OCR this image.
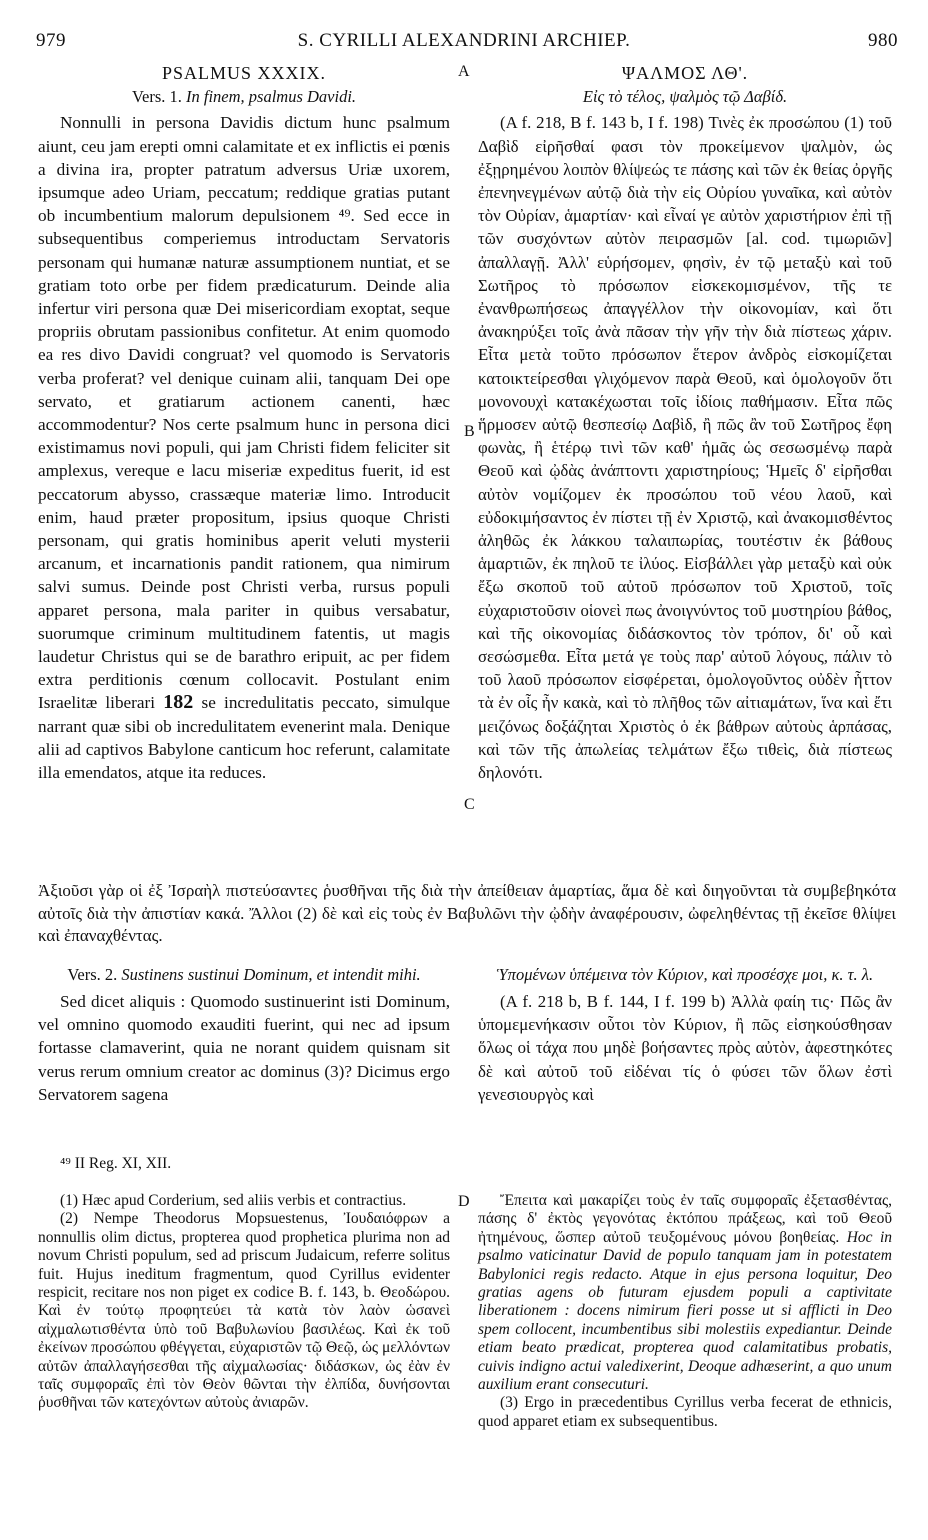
979	S. CYRILLI ALEXANDRINI ARCHIEP.	980
A
B
C
D
PSALMUS XXXIX.
Vers. 1. In finem, psalmus Davidi.

Nonnulli in persona Davidis dictum hunc psalmum aiunt, ceu jam erepti omni calamitate et ex inflictis ei pœnis a divina ira, propter patratum adversus Uriæ uxorem, ipsumque adeo Uriam, peccatum; reddique gratias putant ob incumbentium malorum depulsionem ⁴⁹. Sed ecce in subsequentibus comperiemus introductam Servatoris personam qui humanæ naturæ assumptionem nuntiat, et se gratiam toto orbe per fidem prædicaturum. Deinde alia infertur viri persona quæ Dei misericordiam exoptat, seque propriis obrutam passionibus confitetur. At enim quomodo ea res divo Davidi congruat? vel quomodo is Servatoris verba proferat? vel denique cuinam alii, tanquam Dei ope servato, et gratiarum actionem canenti, hæc accommodentur? Nos certe psalmum hunc in persona dici existimamus novi populi, qui jam Christi fidem feliciter sit amplexus, vereque e lacu miseriæ expeditus fuerit, id est peccatorum abysso, crassæque materiæ limo. Introducit enim, haud præter propositum, ipsius quoque Christi personam, qui gratis hominibus aperit veluti mysterii arcanum, et incarnationis pandit rationem, qua nimirum salvi sumus. Deinde post Christi verba, rursus populi apparet persona, mala pariter in quibus versabatur, suorumque criminum multitudinem fatentis, ut magis laudetur Christus qui se de barathro eripuit, ac per fidem extra perditionis cœnum collocavit. Postulant enim Israelitæ liberari 182 se incredulitatis peccato, simulque narrant quæ sibi ob incredulitatem evenerint mala. Denique alii ad captivos Babylone canticum hoc referunt, calamitate illa emendatos, atque ita reduces.

ΨΑΛΜΟΣ ΛΘ'.
Εἰς τὸ τέλος, ψαλμὸς τῷ Δαβίδ.

(A f. 218, B f. 143 b, I f. 198) Τινὲς ἐκ προσώπου (1) τοῦ Δαβὶδ εἰρῆσθαί φασι τὸν προκείμενον ψαλμὸν, ὡς ἐξῃρημένου λοιπὸν θλίψεώς τε πάσης καὶ τῶν ἐκ θείας ὀργῆς ἐπενηνεγμένων αὐτῷ διὰ τὴν εἰς Οὐρίου γυναῖκα, καὶ αὐτὸν τὸν Οὐρίαν, ἁμαρτίαν· καὶ εἶναί γε αὐτὸν χαριστήριον ἐπὶ τῇ τῶν συσχόντων αὐτὸν πειρασμῶν [al. cod. τιμωριῶν] ἀπαλλαγῇ. Ἀλλ' εὑρήσομεν, φησὶν, ἐν τῷ μεταξὺ καὶ τοῦ Σωτῆρος τὸ πρόσωπον εἰσκεκομισμένον, τῆς τε ἐνανθρωπήσεως ἀπαγγέλλον τὴν οἰκονομίαν, καὶ ὅτι ἀνακηρύξει τοῖς ἀνὰ πᾶσαν τὴν γῆν τὴν διὰ πίστεως χάριν. Εἶτα μετὰ τοῦτο πρόσωπον ἕτερον ἀνδρὸς εἰσκομίζεται κατοικτείρεσθαι γλιχόμενον παρὰ Θεοῦ, καὶ ὁμολογοῦν ὅτι μονονουχὶ κατακέχωσται τοῖς ἰδίοις παθήμασιν. Εἶτα πῶς ἥρμοσεν αὐτῷ θεσπεσίῳ Δαβὶδ, ἢ πῶς ἂν τοῦ Σωτῆρος ἔφη φωνὰς, ἢ ἑτέρῳ τινὶ τῶν καθ' ἡμᾶς ὡς σεσωσμένῳ παρὰ Θεοῦ καὶ ᾠδὰς ἀνάπτοντι χαριστηρίους; Ἡμεῖς δ' εἰρῆσθαι αὐτὸν νομίζομεν ἐκ προσώπου τοῦ νέου λαοῦ, καὶ εὐδοκιμήσαντος ἐν πίστει τῇ ἐν Χριστῷ, καὶ ἀνακομισθέντος ἀληθῶς ἐκ λάκκου ταλαιπωρίας, τουτέστιν ἐκ βάθους ἁμαρτιῶν, ἐκ πηλοῦ τε ἰλύος. Εἰσβάλλει γὰρ μεταξὺ καὶ οὐκ ἔξω σκοποῦ τοῦ αὐτοῦ πρόσωπον τοῦ Χριστοῦ, τοῖς εὐχαριστοῦσιν οἱονεὶ πως ἀνοιγνύντος τοῦ μυστηρίου βάθος, καὶ τῆς οἰκονομίας διδάσκοντος τὸν τρόπον, δι' οὗ καὶ σεσώσμεθα. Εἶτα μετά γε τοὺς παρ' αὐτοῦ λόγους, πάλιν τὸ τοῦ λαοῦ πρόσωπον εἰσφέρεται, ὁμολογοῦντος οὐδὲν ἧττον τὰ ἐν οἷς ἦν κακὰ, καὶ τὸ πλῆθος τῶν αἰτιαμάτων, ἵνα καὶ ἔτι μειζόνως δοξάζηται Χριστὸς ὁ ἐκ βάθρων αὐτοὺς ἁρπάσας, καὶ τῶν τῆς ἀπωλείας τελμάτων ἔξω τιθεὶς, διὰ πίστεως δηλονότι.

Ἀξιοῦσι γὰρ οἱ ἐξ Ἰσραὴλ πιστεύσαντες ῥυσθῆναι τῆς διὰ τὴν ἀπείθειαν ἁμαρτίας, ἅμα δὲ καὶ διηγοῦνται τὰ συμβεβηκότα αὐτοῖς διὰ τὴν ἀπιστίαν κακά. Ἄλλοι (2) δὲ καὶ εἰς τοὺς ἐν Βαβυλῶνι τὴν ᾠδὴν ἀναφέρουσιν, ὠφεληθέντας τῇ ἐκεῖσε θλίψει καὶ ἐπαναχθέντας.
Vers. 2. Sustinens sustinui Dominum, et intendit mihi.

Sed dicet aliquis : Quomodo sustinuerint isti Dominum, vel omnino quomodo exauditi fuerint, qui nec ad ipsum fortasse clamaverint, quia ne norant quidem quisnam sit verus rerum omnium creator ac dominus (3)? Dicimus ergo Servatorem sagena

Ὑπομένων ὑπέμεινα τὸν Κύριον, καὶ προσέσχε μοι, κ. τ. λ.

(A f. 218 b, B f. 144, I f. 199 b) Ἀλλὰ φαίη τις· Πῶς ἂν ὑπομεμενήκασιν οὗτοι τὸν Κύριον, ἢ πῶς εἰσηκούσθησαν ὅλως οἱ τάχα που μηδὲ βοήσαντες πρὸς αὐτὸν, ἀφεστηκότες δὲ καὶ αὐτοῦ τοῦ εἰδέναι τίς ὁ φύσει τῶν ὅλων ἐστὶ γενεσιουργὸς καὶ

⁴⁹ II Reg. XI, XII.

(1) Hæc apud Corderium, sed aliis verbis et contractius.

(2) Nempe Theodorus Mopsuestenus, Ἰουδαιόφρων a nonnullis olim dictus, propterea quod prophetica plurima non ad novum Christi populum, sed ad priscum Judaicum, referre solitus fuit. Hujus ineditum fragmentum, quod Cyrillus evidenter respicit, recitare nos non piget ex codice B. f. 143, b. Θεοδώρου. Καὶ ἐν τούτῳ προφητεύει τὰ κατὰ τὸν λαὸν ὡσανεὶ αἰχμαλωτισθέντα ὑπὸ τοῦ Βαβυλωνίου βασιλέως. Καὶ ἐκ τοῦ ἐκείνων προσώπου φθέγγεται, εὐχαριστῶν τῷ Θεῷ, ὡς μελλόντων αὐτῶν ἀπαλλαγήσεσθαι τῆς αἰχμαλωσίας· διδάσκων, ὡς ἐὰν ἐν ταῖς συμφοραῖς ἐπὶ τὸν Θεὸν θῶνται τὴν ἐλπίδα, δυνήσονται ῥυσθῆναι τῶν κατεχόντων αὐτοὺς ἀνιαρῶν.

Ἔπειτα καὶ μακαρίζει τοὺς ἐν ταῖς συμφοραῖς ἐξετασθέντας, πάσης δ' ἐκτὸς γεγονότας ἐκτόπου πράξεως, καὶ τοῦ Θεοῦ ἠτημένους, ὥσπερ αὐτοῦ τευξομένους μόνου βοηθείας. Hoc in psalmo vaticinatur David de populo tanquam jam in potestatem Babylonici regis redacto. Atque in ejus persona loquitur, Deo gratias agens ob futuram ejusdem populi a captivitate liberationem : docens nimirum fieri posse ut si afflicti in Deo spem collocent, incumbentibus sibi molestiis expediantur. Deinde etiam beato prædicat, propterea quod calamitatibus probatis, cuivis indigno actui valedixerint, Deoque adhæserint, a quo unum auxilium erant consecuturi.

(3) Ergo in præcedentibus Cyrillus verba fecerat de ethnicis, quod apparet etiam ex subsequentibus.
